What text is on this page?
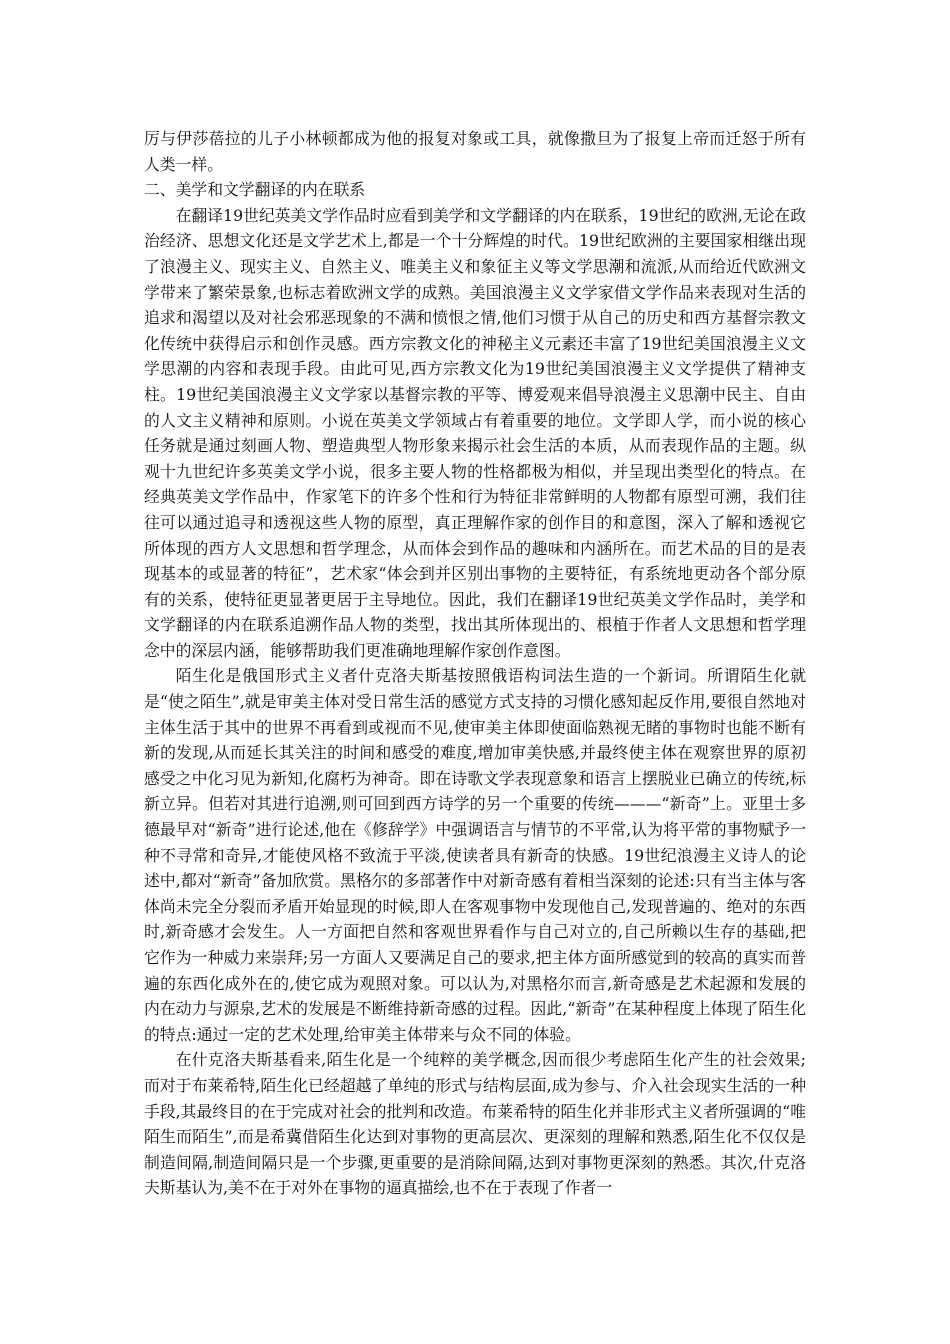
厉与伊莎蓓拉的儿子小林顿都成为他的报复对象或工具，就像撒旦为了报复上帝而迁怒于所有人类一样。

二、美学和文学翻译的内在联系

在翻译19世纪英美文学作品时应看到美学和文学翻译的内在联系，19世纪的欧洲,无论在政治经济、思想文化还是文学艺术上,都是一个十分辉煌的时代。19世纪欧洲的主要国家相继出现了浪漫主义、现实主义、自然主义、唯美主义和象征主义等文学思潮和流派,从而给近代欧洲文学带来了繁荣景象,也标志着欧洲文学的成熟。美国浪漫主义文学家借文学作品来表现对生活的追求和渴望以及对社会邪恶现象的不满和愤恨之情,他们习惯于从自己的历史和西方基督宗教文化传统中获得启示和创作灵感。西方宗教文化的神秘主义元素还丰富了19世纪美国浪漫主义文学思潮的内容和表现手段。由此可见,西方宗教文化为19世纪美国浪漫主义文学提供了精神支柱。19世纪美国浪漫主义文学家以基督宗教的平等、博爱观来倡导浪漫主义思潮中民主、自由的人文主义精神和原则。小说在英美文学领域占有着重要的地位。文学即人学，而小说的核心任务就是通过刻画人物、塑造典型人物形象来揭示社会生活的本质，从而表现作品的主题。纵观十九世纪许多英美文学小说，很多主要人物的性格都极为相似，并呈现出类型化的特点。在经典英美文学作品中，作家笔下的许多个性和行为特征非常鲜明的人物都有原型可溯，我们往往可以通过追寻和透视这些人物的原型，真正理解作家的创作目的和意图，深入了解和透视它所体现的西方人文思想和哲学理念，从而体会到作品的趣味和内涵所在。而艺术品的目的是表现基本的或显著的特征”，艺术家“体会到并区别出事物的主要特征，有系统地更动各个部分原有的关系，使特征更显著更居于主导地位。因此，我们在翻译19世纪英美文学作品时，美学和文学翻译的内在联系追溯作品人物的类型，找出其所体现出的、根植于作者人文思想和哲学理念中的深层内涵，能够帮助我们更准确地理解作家创作意图。

陌生化是俄国形式主义者什克洛夫斯基按照俄语构词法生造的一个新词。所谓陌生化就是“使之陌生”,就是审美主体对受日常生活的感觉方式支持的习惯化感知起反作用,要很自然地对主体生活于其中的世界不再看到或视而不见,使审美主体即使面临熟视无睹的事物时也能不断有新的发现,从而延长其关注的时间和感受的难度,增加审美快感,并最终使主体在观察世界的原初感受之中化习见为新知,化腐朽为神奇。即在诗歌文学表现意象和语言上摆脱业已确立的传统,标新立异。但若对其进行追溯,则可回到西方诗学的另一个重要的传统———“新奇”上。亚里士多德最早对“新奇”进行论述,他在《修辞学》中强调语言与情节的不平常,认为将平常的事物赋予一种不寻常和奇异,才能使风格不致流于平淡,使读者具有新奇的快感。19世纪浪漫主义诗人的论述中,都对“新奇”备加欣赏。黑格尔的多部著作中对新奇感有着相当深刻的论述:只有当主体与客体尚未完全分裂而矛盾开始显现的时候,即人在客观事物中发现他自己,发现普遍的、绝对的东西时,新奇感才会发生。人一方面把自然和客观世界看作与自己对立的,自己所赖以生存的基础,把它作为一种威力来崇拜;另一方面人又要满足自己的要求,把主体方面所感觉到的较高的真实而普遍的东西化成外在的,使它成为观照对象。可以认为,对黑格尔而言,新奇感是艺术起源和发展的内在动力与源泉,艺术的发展是不断维持新奇感的过程。因此,“新奇”在某种程度上体现了陌生化的特点:通过一定的艺术处理,给审美主体带来与众不同的体验。

在什克洛夫斯基看来,陌生化是一个纯粹的美学概念,因而很少考虑陌生化产生的社会效果;而对于布莱希特,陌生化已经超越了单纯的形式与结构层面,成为参与、介入社会现实生活的一种手段,其最终目的在于完成对社会的批判和改造。布莱希特的陌生化并非形式主义者所强调的“唯陌生而陌生”,而是希冀借陌生化达到对事物的更高层次、更深刻的理解和熟悉,陌生化不仅仅是制造间隔,制造间隔只是一个步骤,更重要的是消除间隔,达到对事物更深刻的熟悉。其次,什克洛夫斯基认为,美不在于对外在事物的逼真描绘,也不在于表现了作者一
